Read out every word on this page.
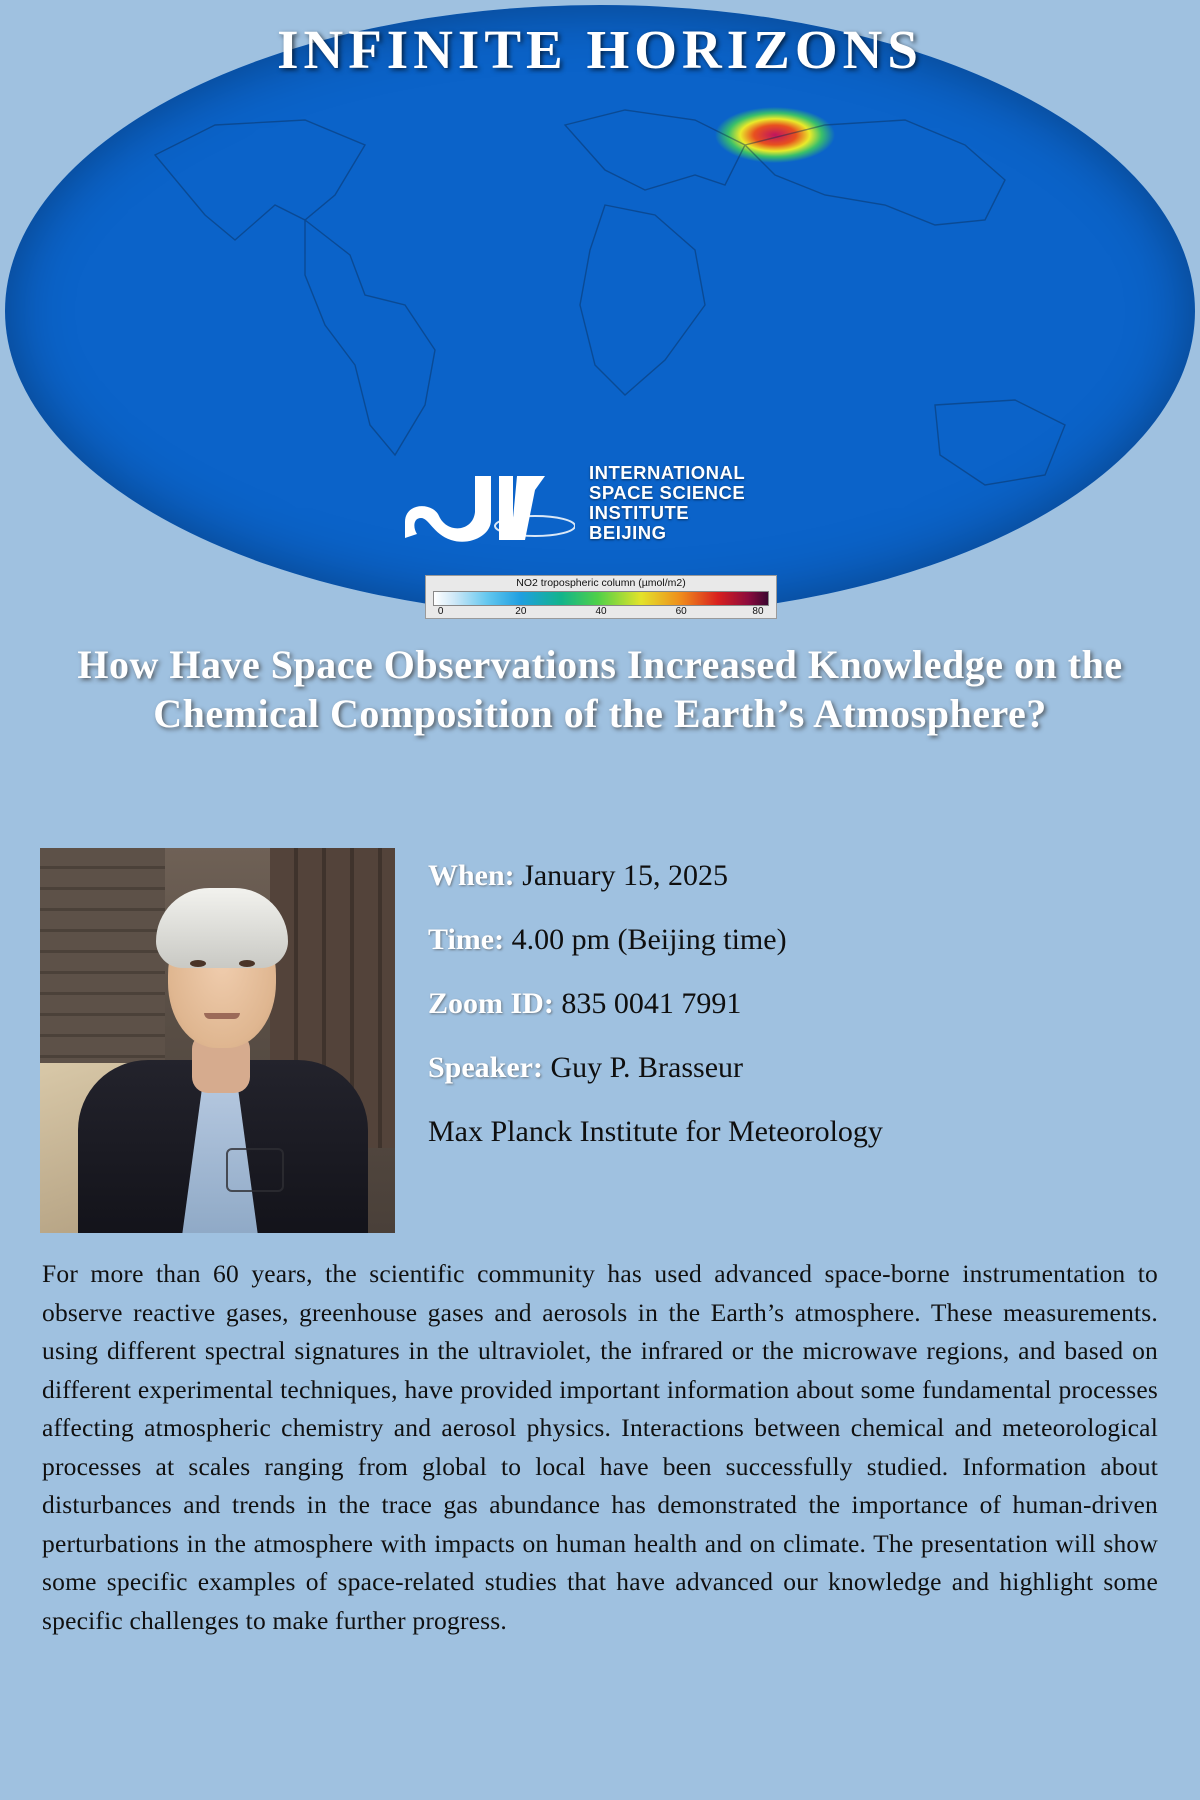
INFINITE HORIZONS
INTERNATIONAL
SPACE SCIENCE
INSTITUTE
BEIJING
NO2 tropospheric column (µmol/m2)
0	20	40	60	80
How Have Space Observations Increased Knowledge on the Chemical Composition of the Earth’s Atmosphere?
When: January 15, 2025
Time: 4.00 pm (Beijing time)
Zoom ID: 835 0041 7991
Speaker: Guy P. Brasseur
Max Planck Institute for Meteorology
For more than 60 years, the scientific community has used advanced space-borne instrumentation to observe reactive gases, greenhouse gases and aerosols in the Earth’s atmosphere. These measurements. using different spectral signatures in the ultraviolet, the infrared or the microwave regions, and based on different experimental techniques, have provided important information about some fundamental processes affecting atmospheric chemistry and aerosol physics. Interactions between chemical and meteorological processes at scales ranging from global to local have been successfully studied. Information about disturbances and trends in the trace gas abundance has demonstrated the importance of human-driven perturbations in the atmosphere with impacts on human health and on climate. The presentation will show some specific examples of space-related studies that have advanced our knowledge and highlight some specific challenges to make further progress.
